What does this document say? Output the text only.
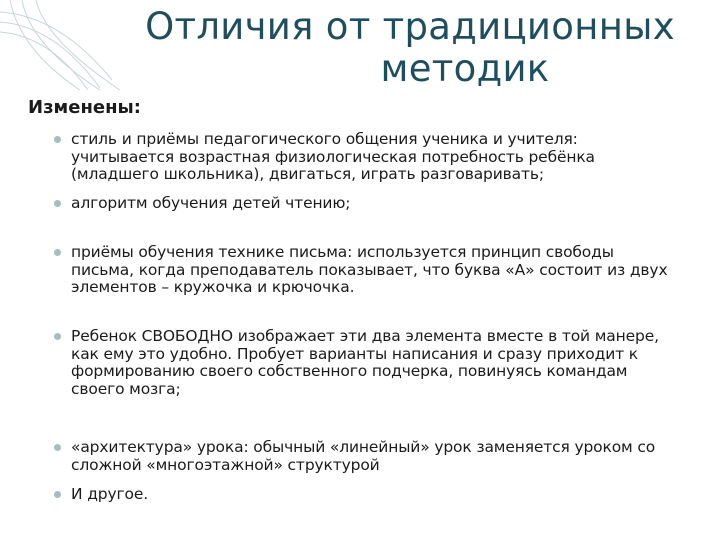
Отличия от традиционных
методик
Изменены:
стиль и приёмы педагогического общения ученика и учителя: учитывается возрастная физиологическая потребность ребёнка (младшего школьника), двигаться, играть разговаривать;
алгоритм обучения детей чтению;
приёмы обучения технике письма: используется принцип свободы письма, когда преподаватель показывает, что буква «А» состоит из двух элементов – кружочка и крючочка.
Ребенок СВОБОДНО изображает эти два элемента вместе в той манере, как ему это удобно. Пробует варианты написания и сразу приходит к формированию своего собственного подчерка, повинуясь командам своего мозга;
«архитектура» урока: обычный «линейный» урок заменяется уроком со сложной «многоэтажной» структурой
И другое.
